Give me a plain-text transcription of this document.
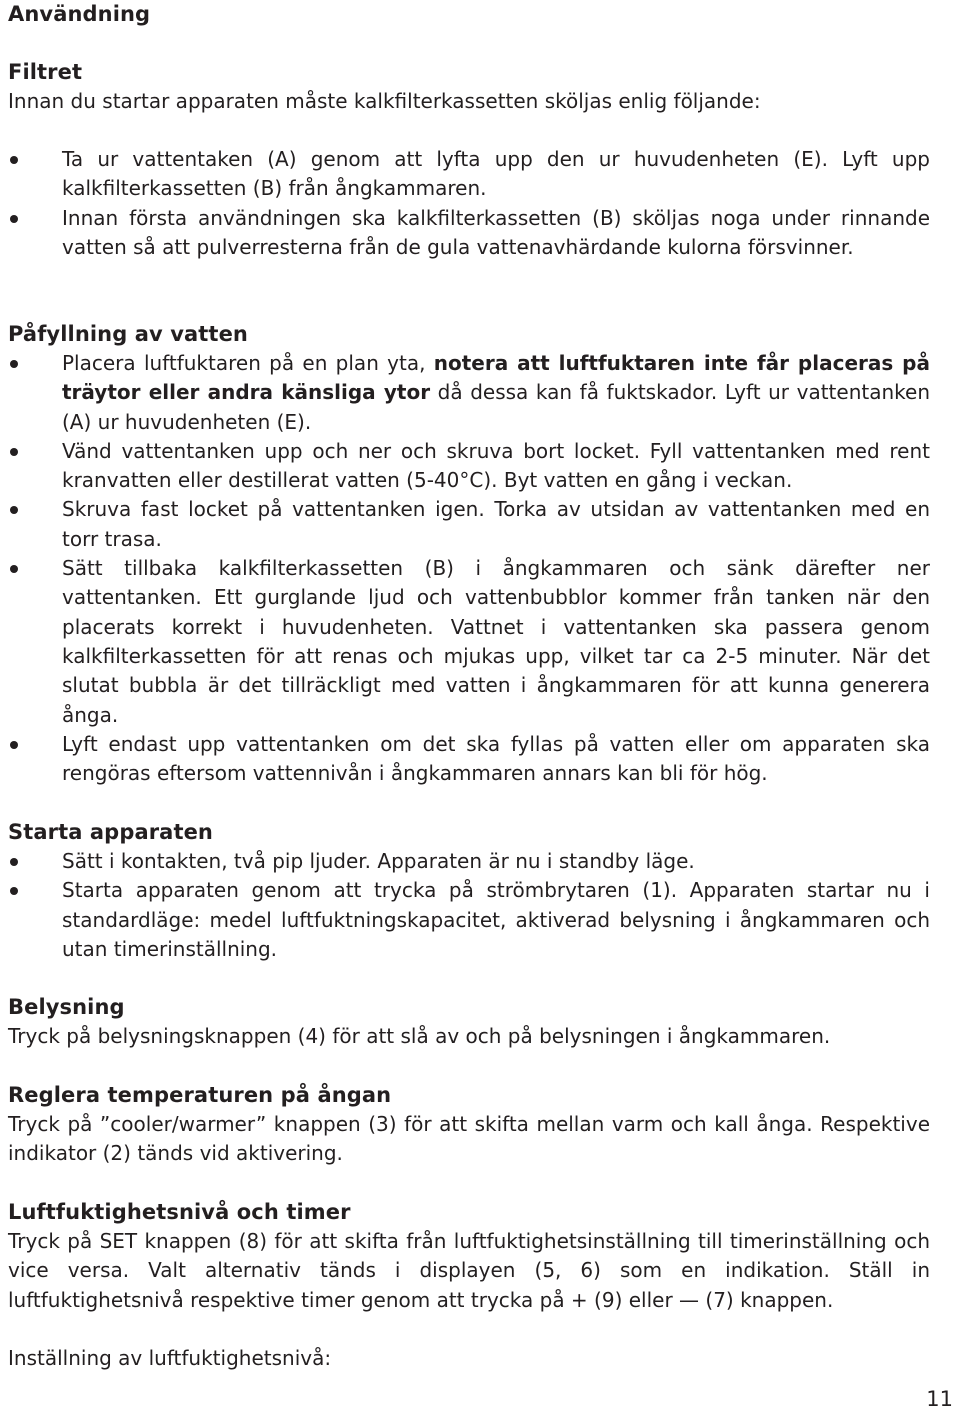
Användning
Filtret

Innan du startar apparaten måste kalkfilterkassetten sköljas enlig följande:

Ta ur vattentaken (A) genom att lyfta upp den ur huvudenheten (E). Lyft upp kalkfilterkassetten (B) från ångkammaren.
Innan första användningen ska kalkfilterkassetten (B) sköljas noga under rinnande vatten så att pulverresterna från de gula vattenavhärdande kulorna försvinner.
Påfyllning av vatten
Placera luftfuktaren på en plan yta, notera att luftfuktaren inte får placeras på träytor eller andra känsliga ytor då dessa kan få fuktskador. Lyft ur vattentanken (A) ur huvudenheten (E).
Vänd vattentanken upp och ner och skruva bort locket. Fyll vattentanken med rent kranvatten eller destillerat vatten (5-40°C). Byt vatten en gång i veckan.
Skruva fast locket på vattentanken igen. Torka av utsidan av vattentanken med en torr trasa.
Sätt tillbaka kalkfilterkassetten (B) i ångkammaren och sänk därefter ner vattentanken. Ett gurglande ljud och vattenbubblor kommer från tanken när den placerats korrekt i huvudenheten. Vattnet i vattentanken ska passera genom kalkfilterkassetten för att renas och mjukas upp, vilket tar ca 2-5 minuter. När det slutat bubbla är det tillräckligt med vatten i ångkammaren för att kunna generera ånga.
Lyft endast upp vattentanken om det ska fyllas på vatten eller om apparaten ska rengöras eftersom vattennivån i ångkammaren annars kan bli för hög.
Starta apparaten
Sätt i kontakten, två pip ljuder. Apparaten är nu i standby läge.
Starta apparaten genom att trycka på strömbrytaren (1). Apparaten startar nu i standardläge: medel luftfuktningskapacitet, aktiverad belysning i ångkammaren och utan timerinställning.
Belysning

Tryck på belysningsknappen (4) för att slå av och på belysningen i ångkammaren.

Reglera temperaturen på ångan

Tryck på ”cooler/warmer” knappen (3) för att skifta mellan varm och kall ånga. Respektive indikator (2) tänds vid aktivering.

Luftfuktighetsnivå och timer

Tryck på SET knappen (8) för att skifta från luftfuktighetsinställning till timerinställning och vice versa. Valt alternativ tänds i displayen (5, 6) som en indikation. Ställ in luftfuktighetsnivå respektive timer genom att trycka på + (9) eller — (7) knappen.

Inställning av luftfuktighetsnivå:

11
